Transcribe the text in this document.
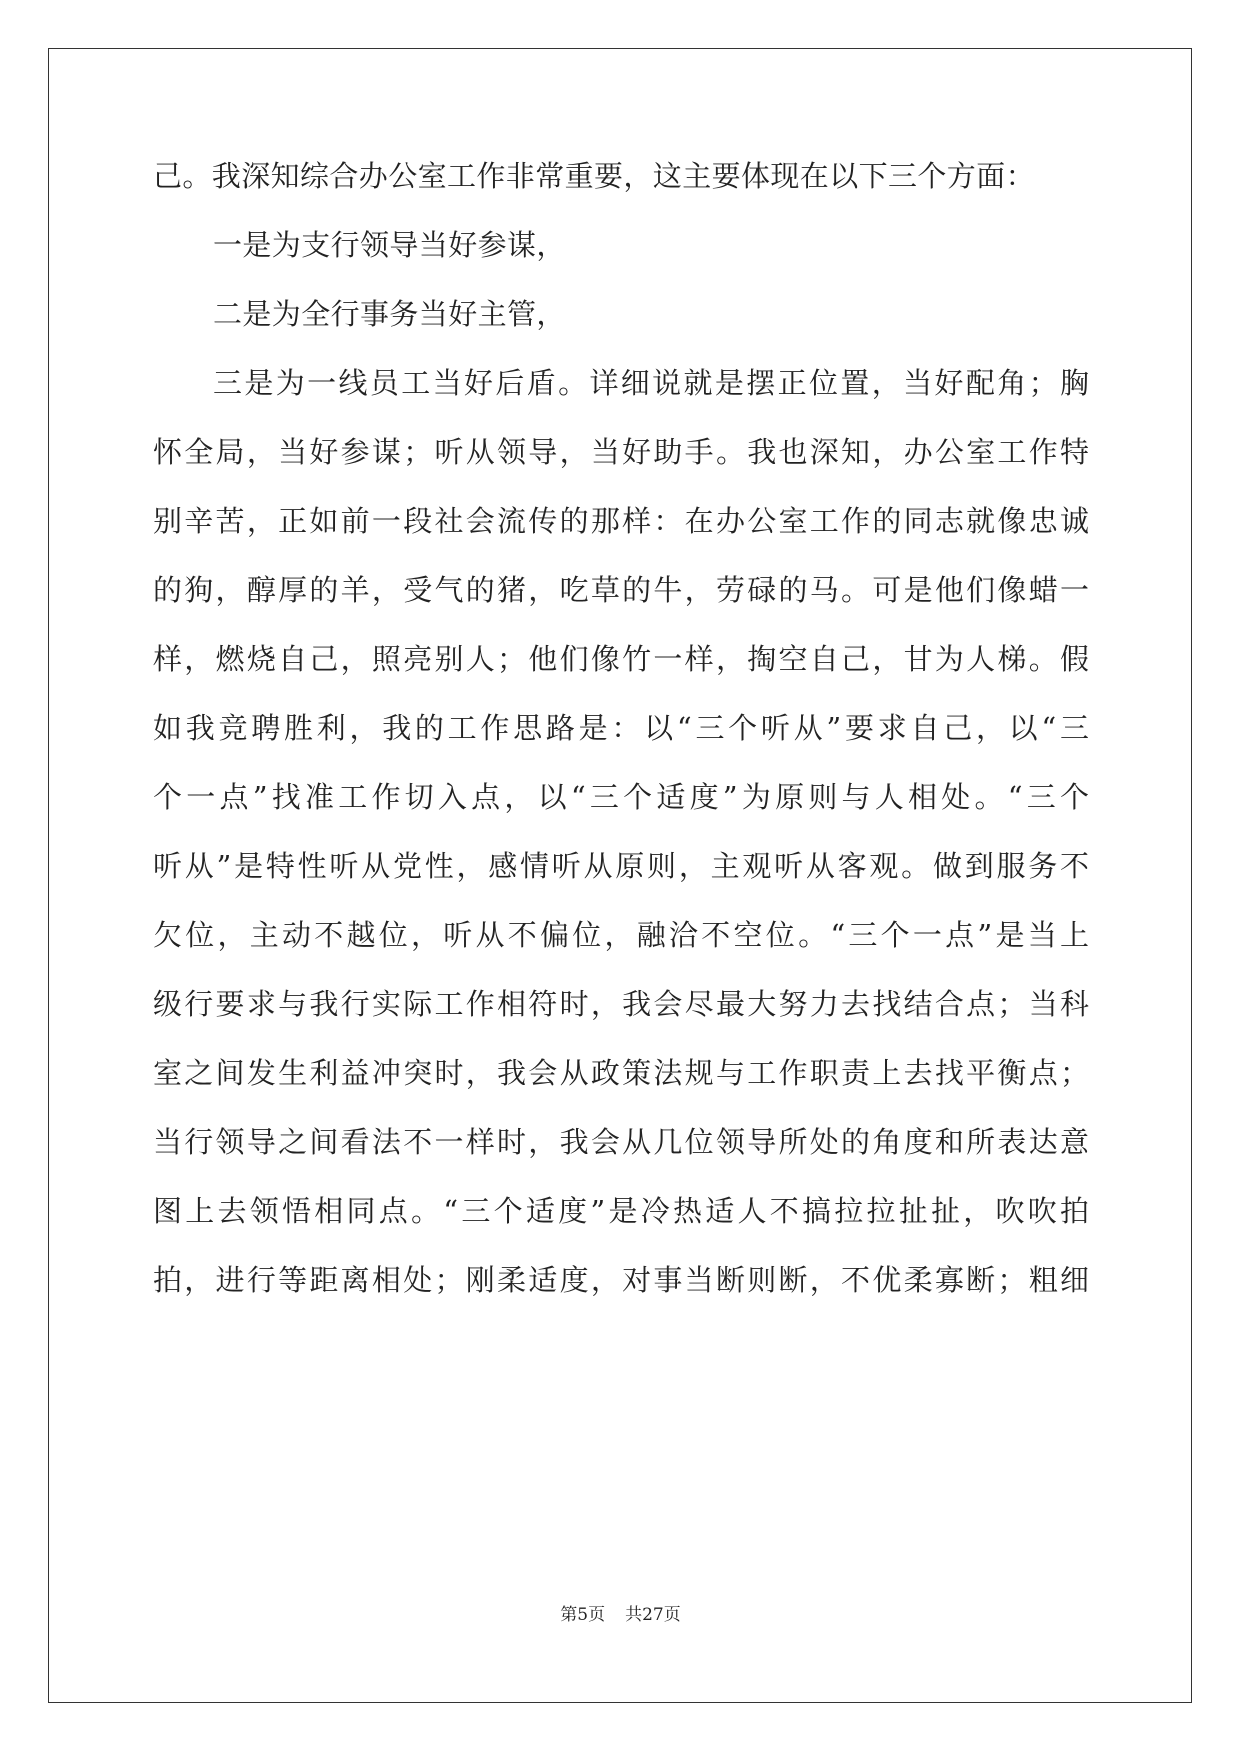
己。我深知综合办公室工作非常重要，这主要体现在以下三个方面：
一是为支行领导当好参谋，
二是为全行事务当好主管，
三是为一线员工当好后盾。详细说就是摆正位置，当好配角；胸
怀全局，当好参谋；听从领导，当好助手。我也深知，办公室工作特
别辛苦，正如前一段社会流传的那样：在办公室工作的同志就像忠诚
的狗，醇厚的羊，受气的猪，吃草的牛，劳碌的马。可是他们像蜡一
样，燃烧自己，照亮别人；他们像竹一样，掏空自己，甘为人梯。假
如我竞聘胜利，我的工作思路是：以“三个听从”要求自己，以“三
个一点”找准工作切入点，以“三个适度”为原则与人相处。“三个
听从”是特性听从党性，感情听从原则，主观听从客观。做到服务不
欠位，主动不越位，听从不偏位，融洽不空位。“三个一点”是当上
级行要求与我行实际工作相符时，我会尽最大努力去找结合点；当科
室之间发生利益冲突时，我会从政策法规与工作职责上去找平衡点；
当行领导之间看法不一样时，我会从几位领导所处的角度和所表达意
图上去领悟相同点。“三个适度”是冷热适人不搞拉拉扯扯，吹吹拍
拍，进行等距离相处；刚柔适度，对事当断则断，不优柔寡断；粗细
第5页 共27页
